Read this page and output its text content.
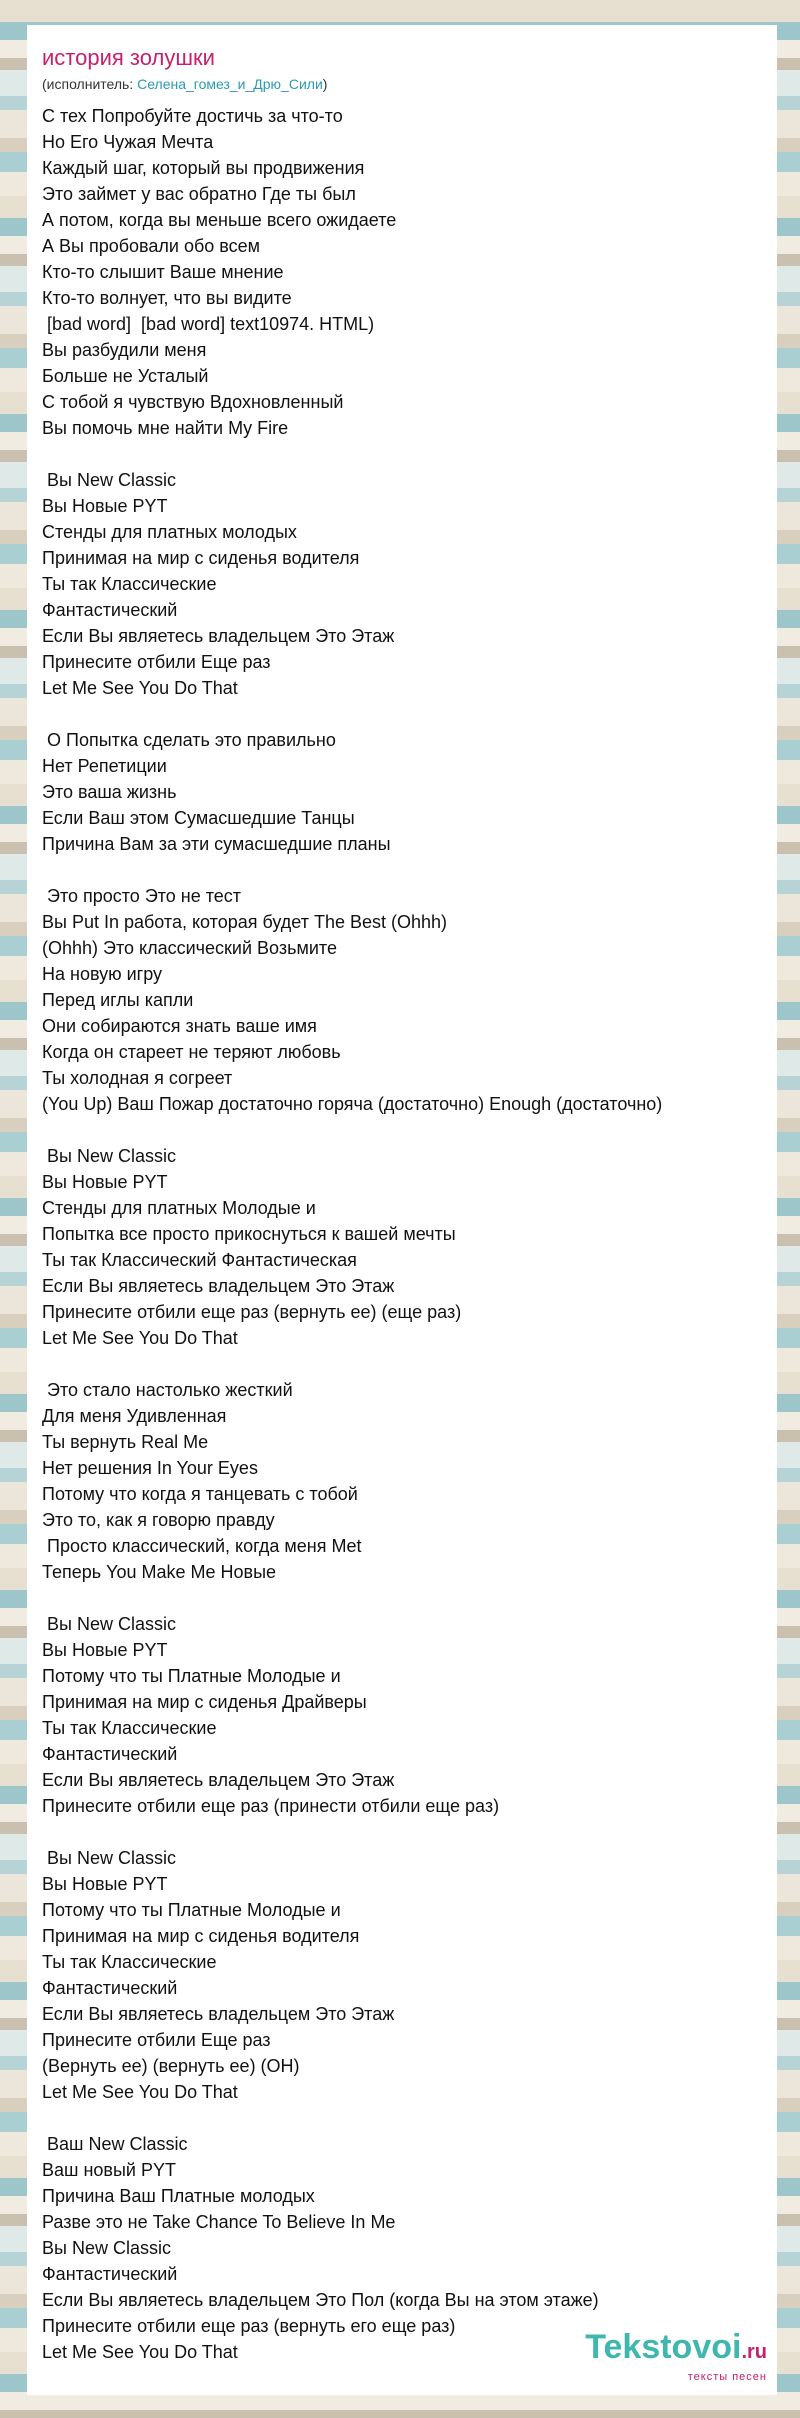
история золушки
(исполнитель: Селена_гомез_и_Дрю_Сили)
С тех Попробуйте достичь за что-то
Но Его Чужая Мечта
Каждый шаг, который вы продвижения
Это займет у вас обратно Где ты был
А потом, когда вы меньше всего ожидаете
А Вы пробовали обо всем
Кто-то слышит Ваше мнение
Кто-то волнует, что вы видите
[bad word]  [bad word] text10974. HTML)
Вы разбудили меня
Больше не Усталый
С тобой я чувствую Вдохновленный
Вы помочь мне найти My Fire

Вы New Classic
Вы Новые PYT
Стенды для платных молодых
Принимая на мир с сиденья водителя
Ты так Классические
Фантастический
Если Вы являетесь владельцем Это Этаж
Принесите отбили Еще раз
Let Me See You Do That

О Попытка сделать это правильно
Нет Репетиции
Это ваша жизнь
Если Ваш этом Сумасшедшие Танцы
Причина Вам за эти сумасшедшие планы

Это просто Это не тест
Вы Put In работа, которая будет The Best (Ohhh)
(Ohhh) Это классический Возьмите
На новую игру
Перед иглы капли
Они собираются знать ваше имя
Когда он стареет не теряют любовь
Ты холодная я согреет
(You Up) Ваш Пожар достаточно горяча (достаточно) Enough (достаточно)

Вы New Classic
Вы Новые PYT
Стенды для платных Молодые и
Попытка все просто прикоснуться к вашей мечты
Ты так Классический Фантастическая
Если Вы являетесь владельцем Это Этаж
Принесите отбили еще раз (вернуть ее) (еще раз)
Let Me See You Do That

Это стало настолько жесткий
Для меня Удивленная
Ты вернуть Real Me
Нет решения In Your Eyes
Потому что когда я танцевать с тобой
Это то, как я говорю правду
Просто классический, когда меня Met
Теперь You Make Me Новые

Вы New Classic
Вы Новые PYT
Потому что ты Платные Молодые и
Принимая на мир с сиденья Драйверы
Ты так Классические
Фантастический
Если Вы являетесь владельцем Это Этаж
Принесите отбили еще раз (принести отбили еще раз)

Вы New Classic
Вы Новые PYT
Потому что ты Платные Молодые и
Принимая на мир с сиденья водителя
Ты так Классические
Фантастический
Если Вы являетесь владельцем Это Этаж
Принесите отбили Еще раз
(Вернуть ее) (вернуть ее) (OH)
Let Me See You Do That

Ваш New Classic
Ваш новый PYT
Причина Ваш Платные молодых
Разве это не Take Chance To Believe In Me
Вы New Classic
Фантастический
Если Вы являетесь владельцем Это Пол (когда Вы на этом этаже)
Принесите отбили еще раз (вернуть его еще раз)
Let Me See You Do That	Tekstovoi.ru
тексты песен
